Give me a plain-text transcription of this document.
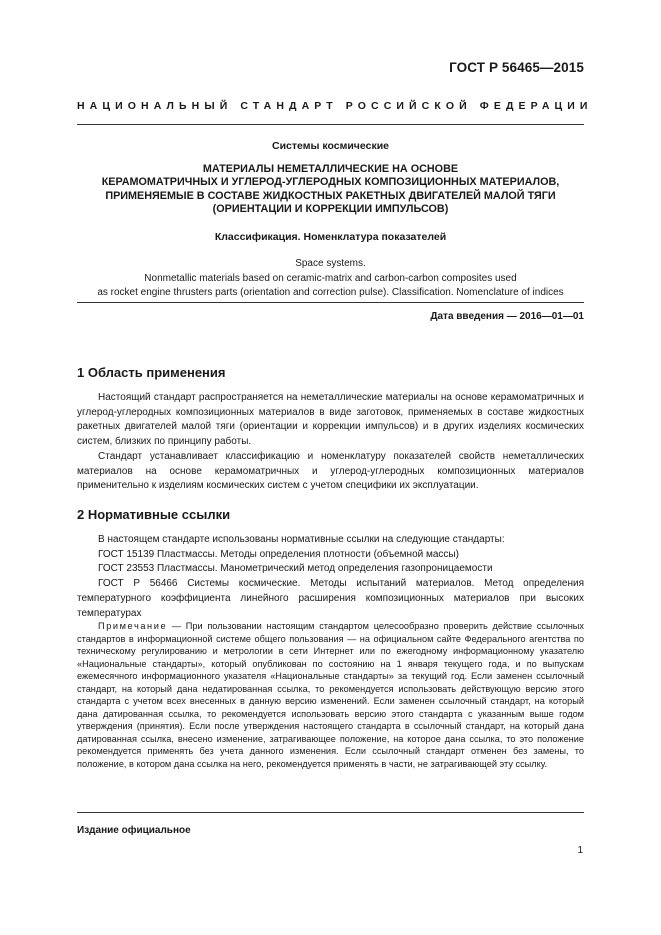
ГОСТ Р 56465—2015
НАЦИОНАЛЬНЫЙ СТАНДАРТ РОССИЙСКОЙ ФЕДЕРАЦИИ
Системы космические
МАТЕРИАЛЫ НЕМЕТАЛЛИЧЕСКИЕ НА ОСНОВЕ
КЕРАМОМАТРИЧНЫХ И УГЛЕРОД-УГЛЕРОДНЫХ КОМПОЗИЦИОННЫХ МАТЕРИАЛОВ,
ПРИМЕНЯЕМЫЕ В СОСТАВЕ ЖИДКОСТНЫХ РАКЕТНЫХ ДВИГАТЕЛЕЙ МАЛОЙ ТЯГИ
(ОРИЕНТАЦИИ И КОРРЕКЦИИ ИМПУЛЬСОВ)
Классификация. Номенклатура показателей
Space systems.
Nonmetallic materials based on ceramic-matrix and carbon-carbon composites used
as rocket engine thrusters parts (orientation and correction pulse). Classification. Nomenclature of indices
Дата введения — 2016—01—01
1 Область применения
Настоящий стандарт распространяется на неметаллические материалы на основе керамоматричных и углерод-углеродных композиционных материалов в виде заготовок, применяемых в составе жидкостных ракетных двигателей малой тяги (ориентации и коррекции импульсов) и в других изделиях космических систем, близких по принципу работы.
Стандарт устанавливает классификацию и номенклатуру показателей свойств неметаллических материалов на основе керамоматричных и углерод-углеродных композиционных материалов применительно к изделиям космических систем с учетом специфики их эксплуатации.
2 Нормативные ссылки
В настоящем стандарте использованы нормативные ссылки на следующие стандарты:
ГОСТ 15139 Пластмассы. Методы определения плотности (объемной массы)
ГОСТ 23553 Пластмассы. Манометрический метод определения газопроницаемости
ГОСТ Р 56466 Системы космические. Методы испытаний материалов. Метод определения температурного коэффициента линейного расширения композиционных материалов при высоких температурах
Примечание — При пользовании настоящим стандартом целесообразно проверить действие ссылочных стандартов в информационной системе общего пользования — на официальном сайте Федерального агентства по техническому регулированию и метрологии в сети Интернет или по ежегодному информационному указателю «Национальные стандарты», который опубликован по состоянию на 1 января текущего года, и по выпускам ежемесячного информационного указателя «Национальные стандарты» за текущий год. Если заменен ссылочный стандарт, на который дана недатированная ссылка, то рекомендуется использовать действующую версию этого стандарта с учетом всех внесенных в данную версию изменений. Если заменен ссылочный стандарт, на который дана датированная ссылка, то рекомендуется использовать версию этого стандарта с указанным выше годом утверждения (принятия). Если после утверждения настоящего стандарта в ссылочный стандарт, на который дана датированная ссылка, внесено изменение, затрагивающее положение, на которое дана ссылка, то это положение рекомендуется применять без учета данного изменения. Если ссылочный стандарт отменен без замены, то положение, в котором дана ссылка на него, рекомендуется применять в части, не затрагивающей эту ссылку.
Издание официальное
1
